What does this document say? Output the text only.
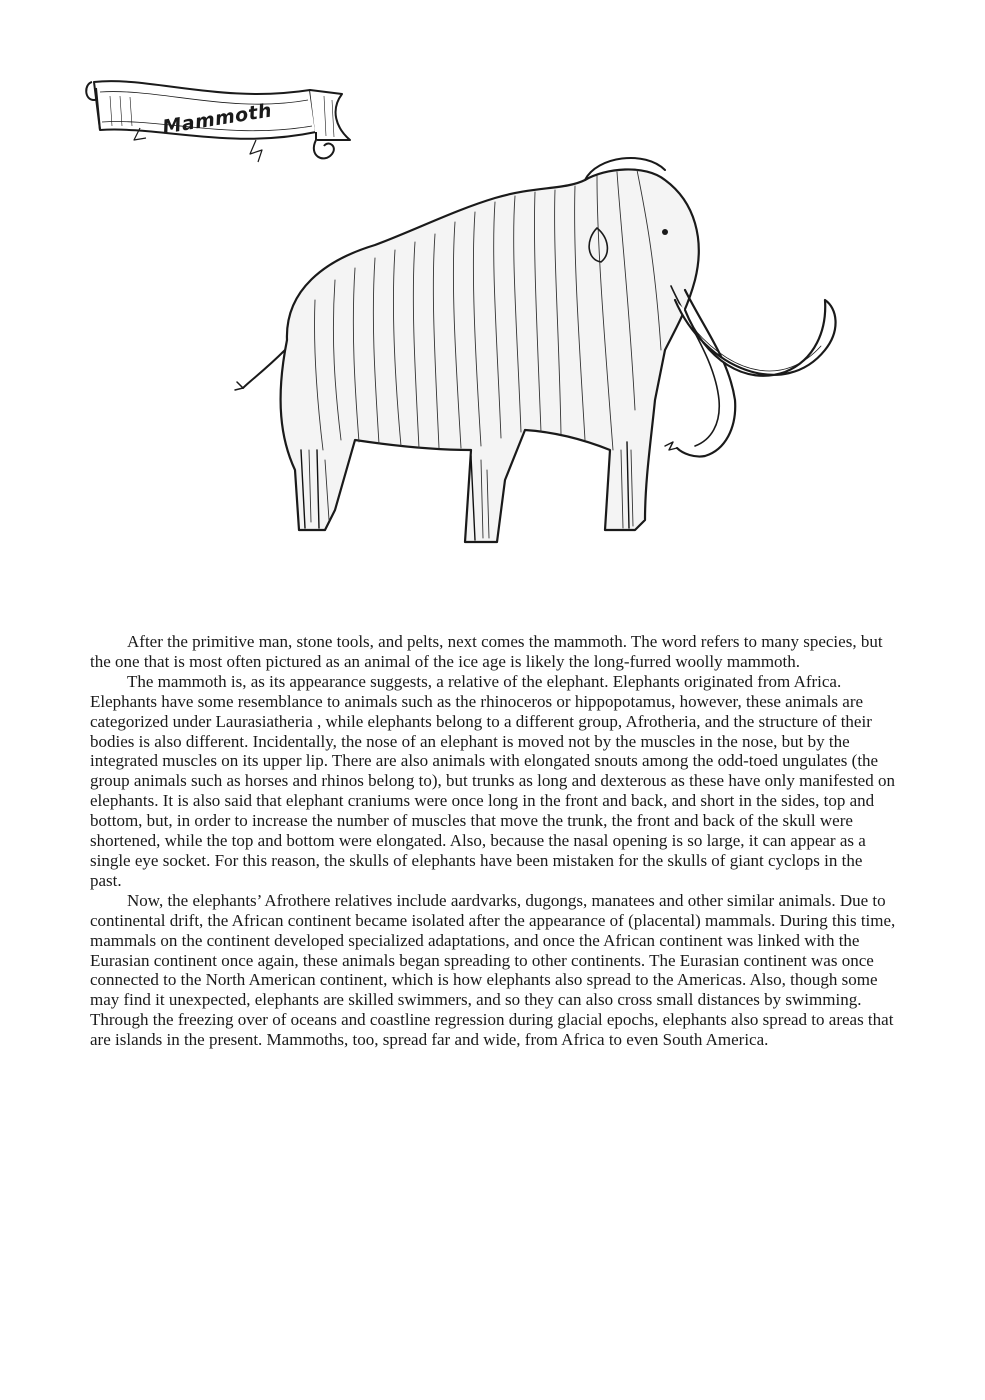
Mammoth

After the primitive man, stone tools, and pelts, next comes the mammoth. The word refers to many species, but the one that is most often pictured as an animal of the ice age is likely the long-furred woolly mammoth.

The mammoth is, as its appearance suggests, a relative of the elephant. Elephants originated from Africa. Elephants have some resemblance to animals such as the rhinoceros or hippopotamus, however, these animals are categorized under Laurasiatheria , while elephants belong to a different group, Afrotheria, and the structure of their bodies is also different. Incidentally, the nose of an elephant is moved not by the muscles in the nose, but by the integrated muscles on its upper lip. There are also animals with elongated snouts among the odd-toed ungulates (the group animals such as horses and rhinos belong to), but trunks as long and dexterous as these have only manifested on elephants. It is also said that elephant craniums were once long in the front and back, and short in the sides, top and bottom, but, in order to increase the number of muscles that move the trunk, the front and back of the skull were shortened, while the top and bottom were elongated. Also, because the nasal opening is so large, it can appear as a single eye socket. For this reason, the skulls of elephants have been mistaken for the skulls of giant cyclops in the past.

Now, the elephants’ Afrothere relatives include aardvarks, dugongs, manatees and other similar animals. Due to continental drift, the African continent became isolated after the appearance of (placental) mammals. During this time, mammals on the continent developed specialized adaptations, and once the African continent was linked with the Eurasian continent once again, these animals began spreading to other continents. The Eurasian continent was once connected to the North American continent, which is how elephants also spread to the Americas. Also, though some may find it unexpected, elephants are skilled swimmers, and so they can also cross small distances by swimming. Through the freezing over of oceans and coastline regression during glacial epochs, elephants also spread to areas that are islands in the present. Mammoths, too, spread far and wide, from Africa to even South America.
